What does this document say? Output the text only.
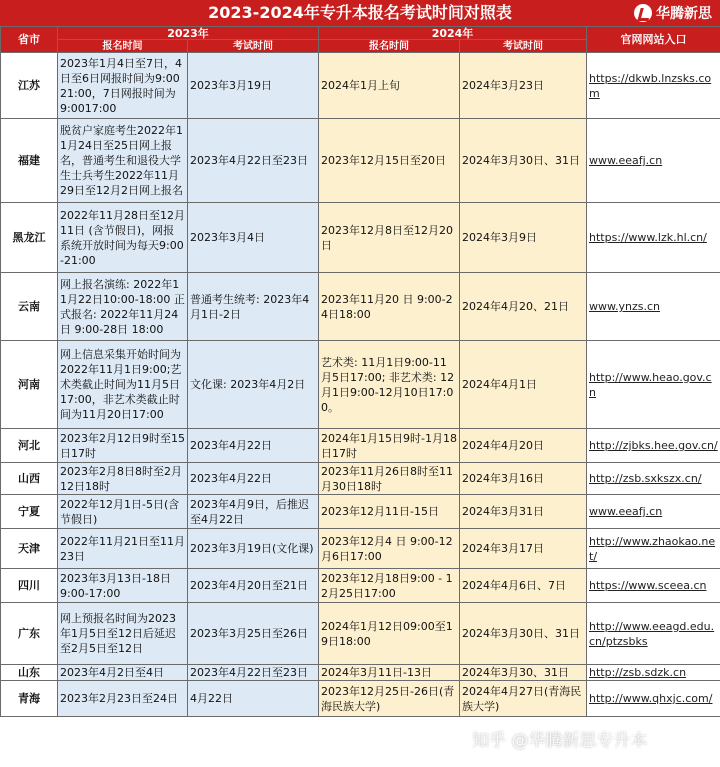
2023-2024年专升本报名考试时间对照表	华腾新思
省市	2023年		2024年		官网网站入口
	报名时间	考试时间	报名时间	考试时间	
江苏	2023年1月4日至7日，4日至6日网报时间为9:00 21:00，7日网报时间为 9:0017:00	2023年3月19日	2024年1月上旬	2024年3月23日	https://dkwb.lnzsks.com
福建	脱贫户家庭考生2022年11月24日至25日网上报名，普通考生和退役大学生士兵考生2022年11月29日至12月2日网上报名	2023年4月22日至23日	2023年12月15日至20日	2024年3月30日、31日	www.eeafj.cn
黑龙江	2022年11月28日至12月11日 (含节假日)，网报系统开放时间为每天9:00-21:00	2023年3月4日	2023年12月8日至12月20日	2024年3月9日	https://www.lzk.hl.cn/
云南	网上报名演练: 2022年11月22日10:00-18:00 正式报名: 2022年11月24日 9:00-28日 18:00	普通考生统考: 2023年4月1日-2日	2023年11月20 日 9:00-24日18:00	2024年4月20、21日	www.ynzs.cn
河南	网上信息采集开始时间为2022年11月1日9:00;艺术类截止时间为11月5日17:00，非艺术类截止时间为11月20日17:00	文化课: 2023年4月2日	艺术类: 11月1日9:00-11月5日17:00; 非艺术类: 12月1日9:00-12月10日17:00。	2024年4月1日	http://www.heao.gov.cn
河北	2023年2月12日9时至15日17时	2023年4月22日	2024年1月15日9时-1月18日17时	2024年4月20日	http://zjbks.hee.gov.cn/
山西	2023年2月8日8时至2月12日18时	2023年4月22日	2023年11月26日8时至11月30日18时	2024年3月16日	http://zsb.sxkszx.cn/
宁夏	2022年12月1日-5日(含节假日)	2023年4月9日，后推迟至4月22日	2023年12月11日-15日	2024年3月31日	www.eeafj.cn
天津	2022年11月21日至11月23日	2023年3月19日(文化课)	2023年12月4 日 9:00-12月6日17:00	2024年3月17日	http://www.zhaokao.net/
四川	2023年3月13日-18日 9:00-17:00	2023年4月20日至21日	2023年12月18日9:00 - 12月25日17:00	2024年4月6日、7日	https://www.sceea.cn
广东	网上预报名时间为2023年1月5日至12日后延迟至2月5日至12日	2023年3月25日至26日	2024年1月12日09:00至19日18:00	2024年3月30日、31日	http://www.eeagd.edu.cn/ptzsbks
山东	2023年4月2日至4日	2023年4月22日至23日	2024年3月11日-13日	2024年3月30、31日	http://zsb.sdzk.cn
青海	2023年2月23日至24日	4月22日	2023年12月25日-26日(青海民族大学)	2024年4月27日(青海民族大学)	http://www.qhxjc.com/
知乎 @华腾新思专升本
